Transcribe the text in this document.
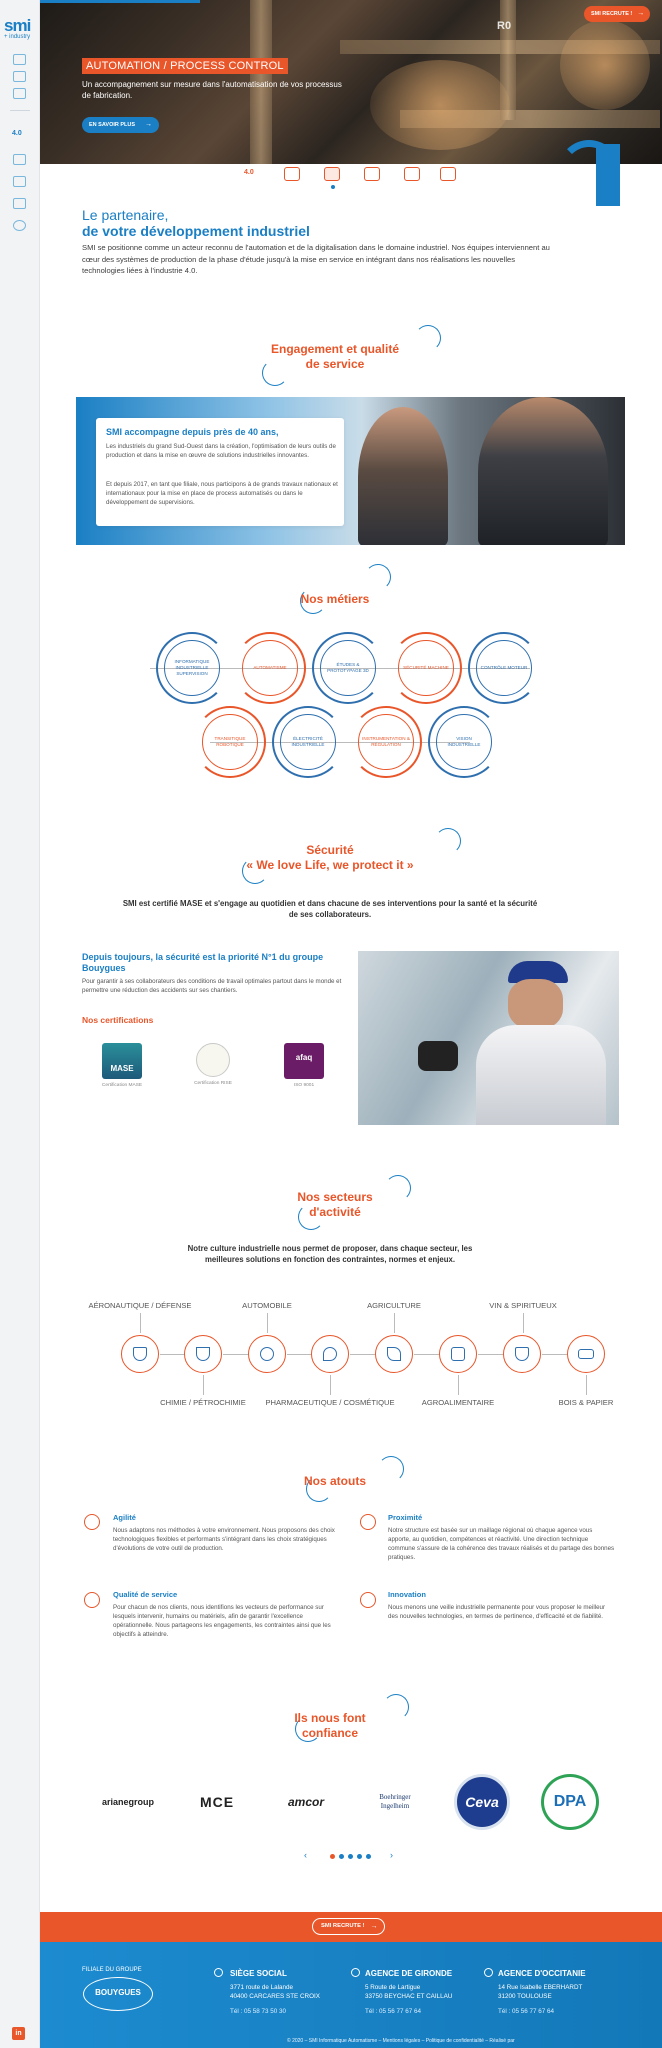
smi
+ industry
4.0
in
R0
AUTOMATION / PROCESS CONTROL
Un accompagnement sur mesure dans l'automatisation de vos processus de fabrication.
EN SAVOIR PLUS →
SMI RECRUTE ! →
4.0
Le partenaire,
de votre développement industriel
SMI se positionne comme un acteur reconnu de l'automation et de la digitalisation dans le domaine industriel. Nos équipes interviennent au cœur des systèmes de production de la phase d'étude jusqu'à la mise en service en intégrant dans nos réalisations les nouvelles technologies liées à l'industrie 4.0.
Engagement et qualité
de service
SMI accompagne depuis près de 40 ans,
Les industriels du grand Sud-Ouest dans la création, l'optimisation de leurs outils de production et dans la mise en œuvre de solutions industrielles innovantes.
Et depuis 2017, en tant que filiale, nous participons à de grands travaux nationaux et internationaux pour la mise en place de process automatisés ou dans le développement de supervisions.
Nos métiers
INFORMATIQUE INDUSTRIELLE SUPERVISION
AUTOMATISME
ÉTUDES & PROTOTYPAGE 3D
SÉCURITÉ MACHINE	CONTRÔLE MOTEUR
TRANSITIQUE ROBOTIQUE
ÉLECTRICITÉ INDUSTRIELLE
INSTRUMENTATION & RÉGULATION
VISION INDUSTRIELLE
Sécurité
« We love Life, we protect it »
SMI est certifié MASE et s'engage au quotidien et dans chacune de ses interventions pour la santé et la sécurité de ses collaborateurs.
Depuis toujours, la sécurité est la priorité N°1 du groupe Bouygues
Pour garantir à ses collaborateurs des conditions de travail optimales partout dans le monde et permettre une réduction des accidents sur ses chantiers.
Nos certifications
MASE
Certification MASE	Certification RISE
afaq
ISO 9001
Nos secteurs
d'activité
Notre culture industrielle nous permet de proposer, dans chaque secteur, les meilleures solutions en fonction des contraintes, normes et enjeux.
AÉRONAUTIQUE / DÉFENSE	AUTOMOBILE	AGRICULTURE	VIN & SPIRITUEUX
CHIMIE / PÉTROCHIMIE	PHARMACEUTIQUE / COSMÉTIQUE	AGROALIMENTAIRE	BOIS & PAPIER
Nos atouts
Agilité
Nous adaptons nos méthodes à votre environnement. Nous proposons des choix technologiques flexibles et performants s'intégrant dans les choix stratégiques d'évolutions de votre outil de production.
Proximité
Notre structure est basée sur un maillage régional où chaque agence vous apporte, au quotidien, compétences et réactivité. Une direction technique commune s'assure de la cohérence des travaux réalisés et du partage des bonnes pratiques.
Qualité de service
Pour chacun de nos clients, nous identifions les vecteurs de performance sur lesquels intervenir, humains ou matériels, afin de garantir l'excellence opérationnelle. Nous partageons les engagements, les contraintes ainsi que les objectifs à atteindre.
Innovation
Nous menons une veille industrielle permanente pour vous proposer le meilleur des nouvelles technologies, en termes de pertinence, d'efficacité et de fiabilité.
Ils nous font
confiance
arianegroup	MCE	amcor	Boehringer Ingelheim	Ceva	DPA
‹	›
SMI RECRUTE ! →
FILIALE DU GROUPE
BOUYGUES
SIÈGE SOCIAL
3771 route de Lalande
40400 CARCARES STE CROIX
Tél : 05 58 73 50 30
AGENCE DE GIRONDE
5 Route de Lartigue
33750 BEYCHAC ET CAILLAU
Tél : 05 56 77 67 64
AGENCE D'OCCITANIE
14 Rue Isabelle EBERHARDT
31200 TOULOUSE
Tél : 05 56 77 67 64
© 2020 – SMI Informatique Automatisme – Mentions légales – Politique de confidentialité – Réalisé par
